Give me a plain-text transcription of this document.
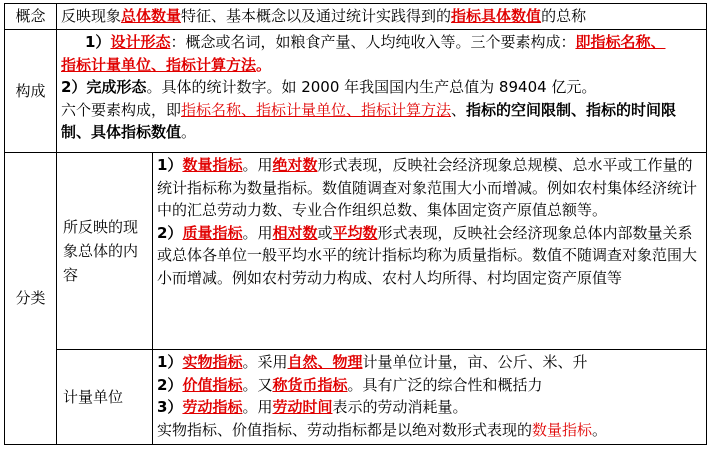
概念	反映现象总体数量特征、基本概念以及通过统计实践得到的指标具体数值的总称	
构成	1）设计形态：概念或名词，如粮食产量、人均纯收入等。三个要素构成：即指标名称、

指标计量单位、指标计算方法。

2）完成形态。具体的统计数字。如 2000 年我国国内生产总值为 89404 亿元。

六个要素构成，即指标名称、指标计量单位、指标计算方法、指标的空间限制、指标的时间限制、具体指标数值。	

分类	所反映的现象总体的内容	1）数量指标。用绝对数形式表现，反映社会经济现象总规模、总水平或工作量的统计指标称为数量指标。数值随调查对象范围大小而增减。例如农村集体经济统计中的汇总劳动力数、专业合作组织总数、集体固定资产原值总额等。

2）质量指标。用相对数或平均数形式表现，反映社会经济现象总体内部数量关系或总体各单位一般平均水平的统计指标均称为质量指标。数值不随调查对象范围大小而增减。例如农村劳动力构成、农村人均所得、村均固定资产原值等

	计量单位	1）实物指标。采用自然、物理计量单位计量，亩、公斤、米、升

2）价值指标。又称货币指标。具有广泛的综合性和概括力

3）劳动指标。用劳动时间表示的劳动消耗量。

实物指标、价值指标、劳动指标都是以绝对数形式表现的数量指标。
